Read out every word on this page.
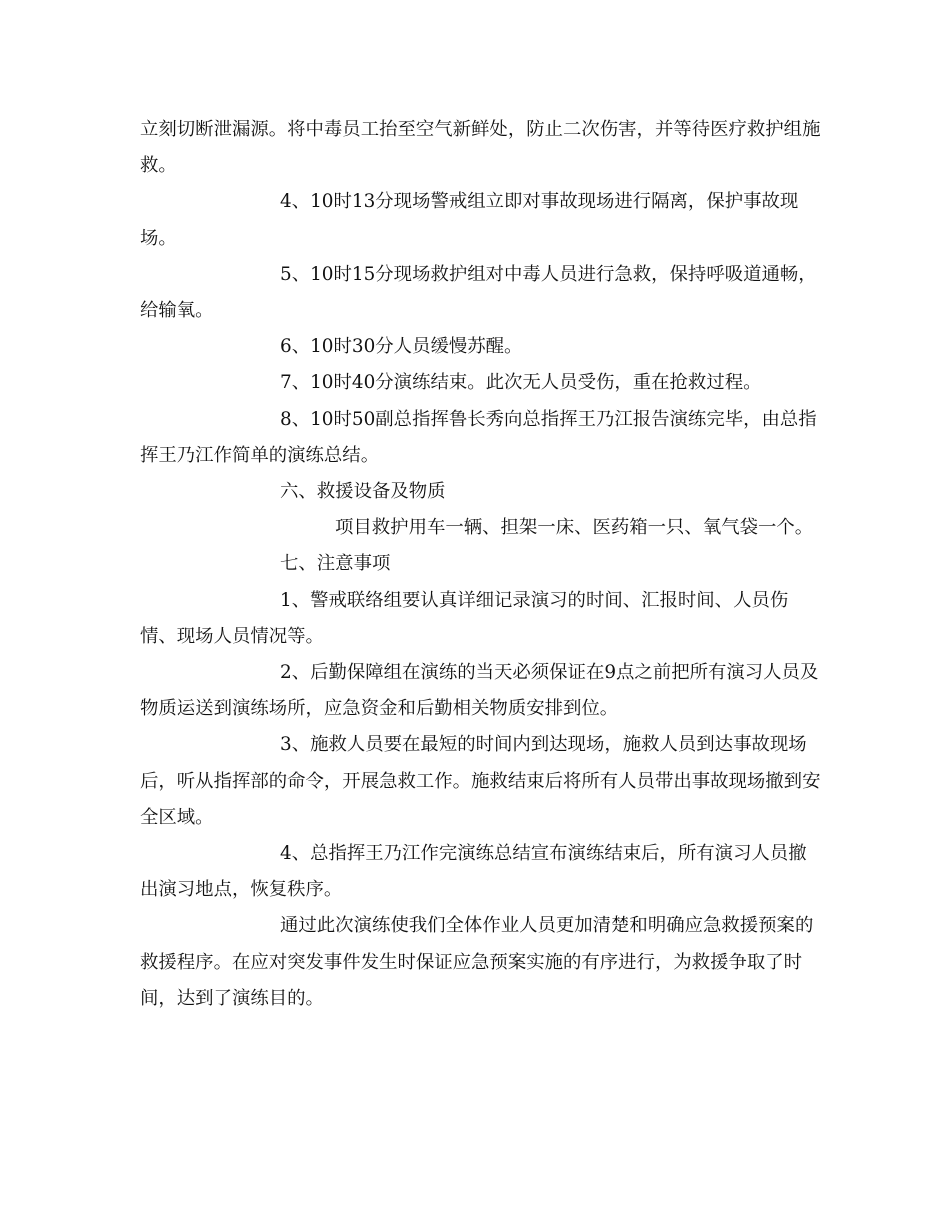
立刻切断泄漏源。将中毒员工抬至空气新鲜处，防止二次伤害，并等待医疗救护组施救。

4、10时13分现场警戒组立即对事故现场进行隔离，保护事故现场。

5、10时15分现场救护组对中毒人员进行急救，保持呼吸道通畅，给输氧。

6、10时30分人员缓慢苏醒。

7、10时40分演练结束。此次无人员受伤，重在抢救过程。

8、10时50副总指挥鲁长秀向总指挥王乃江报告演练完毕，由总指挥王乃江作简单的演练总结。

六、救援设备及物质

项目救护用车一辆、担架一床、医药箱一只、氧气袋一个。

七、注意事项

1、警戒联络组要认真详细记录演习的时间、汇报时间、人员伤情、现场人员情况等。

2、后勤保障组在演练的当天必须保证在9点之前把所有演习人员及物质运送到演练场所，应急资金和后勤相关物质安排到位。

3、施救人员要在最短的时间内到达现场，施救人员到达事故现场后，听从指挥部的命令，开展急救工作。施救结束后将所有人员带出事故现场撤到安全区域。

4、总指挥王乃江作完演练总结宣布演练结束后，所有演习人员撤出演习地点，恢复秩序。

通过此次演练使我们全体作业人员更加清楚和明确应急救援预案的救援程序。在应对突发事件发生时保证应急预案实施的有序进行，为救援争取了时间，达到了演练目的。
